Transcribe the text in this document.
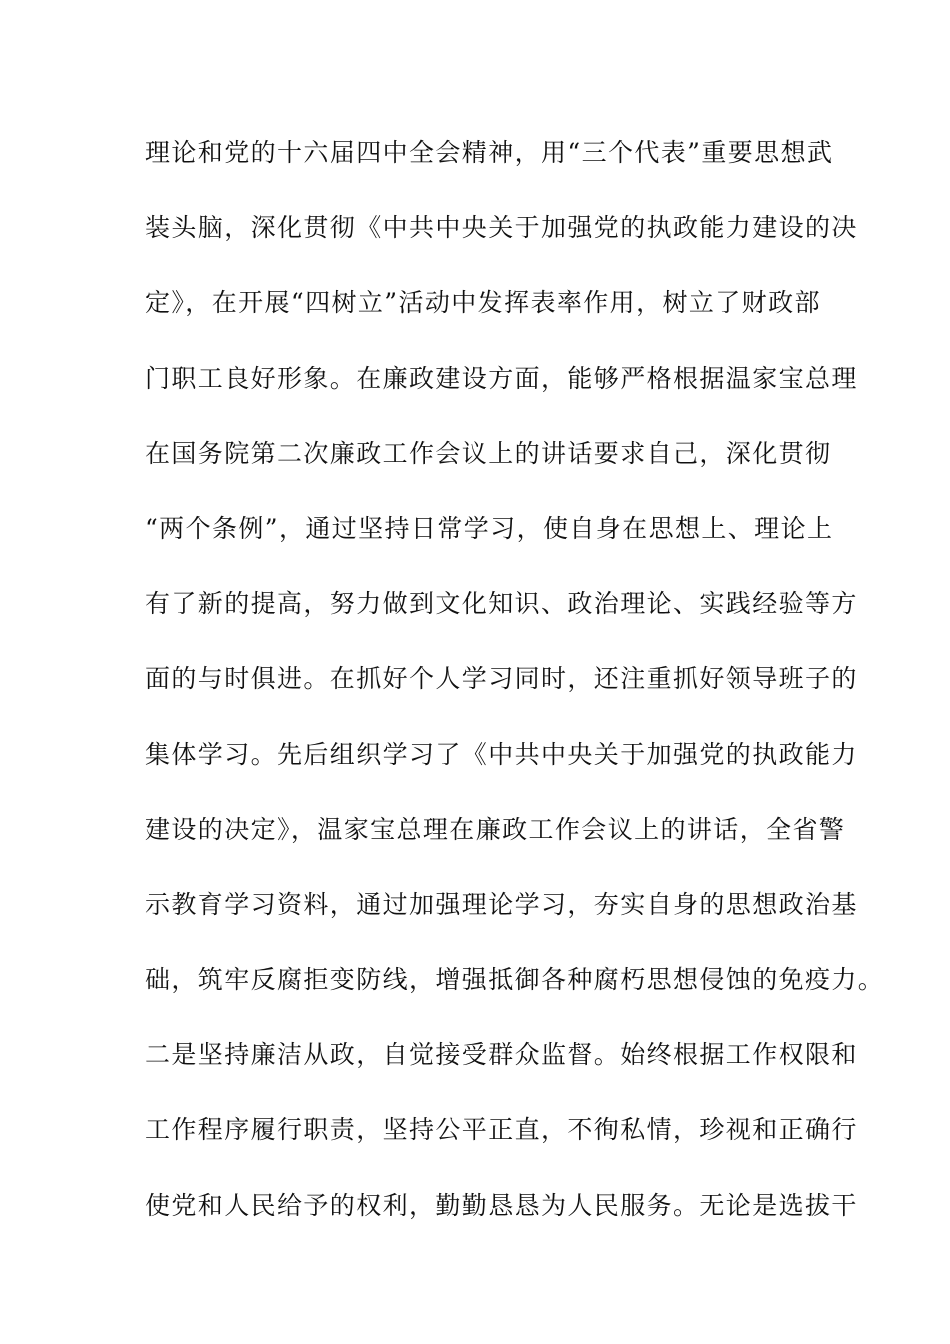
理论和党的十六届四中全会精神，用“三个代表”重要思想武
装头脑，深化贯彻《中共中央关于加强党的执政能力建设的决
定》，在开展“四树立”活动中发挥表率作用，树立了财政部
门职工良好形象。在廉政建设方面，能够严格根据温家宝总理
在国务院第二次廉政工作会议上的讲话要求自己，深化贯彻
“两个条例”，通过坚持日常学习，使自身在思想上、理论上
有了新的提高，努力做到文化知识、政治理论、实践经验等方
面的与时俱进。在抓好个人学习同时，还注重抓好领导班子的
集体学习。先后组织学习了《中共中央关于加强党的执政能力
建设的决定》，温家宝总理在廉政工作会议上的讲话，全省警
示教育学习资料，通过加强理论学习，夯实自身的思想政治基
础，筑牢反腐拒变防线，增强抵御各种腐朽思想侵蚀的免疫力。
二是坚持廉洁从政，自觉接受群众监督。始终根据工作权限和
工作程序履行职责，坚持公平正直，不徇私情，珍视和正确行
使党和人民给予的权利，勤勤恳恳为人民服务。无论是选拔干
